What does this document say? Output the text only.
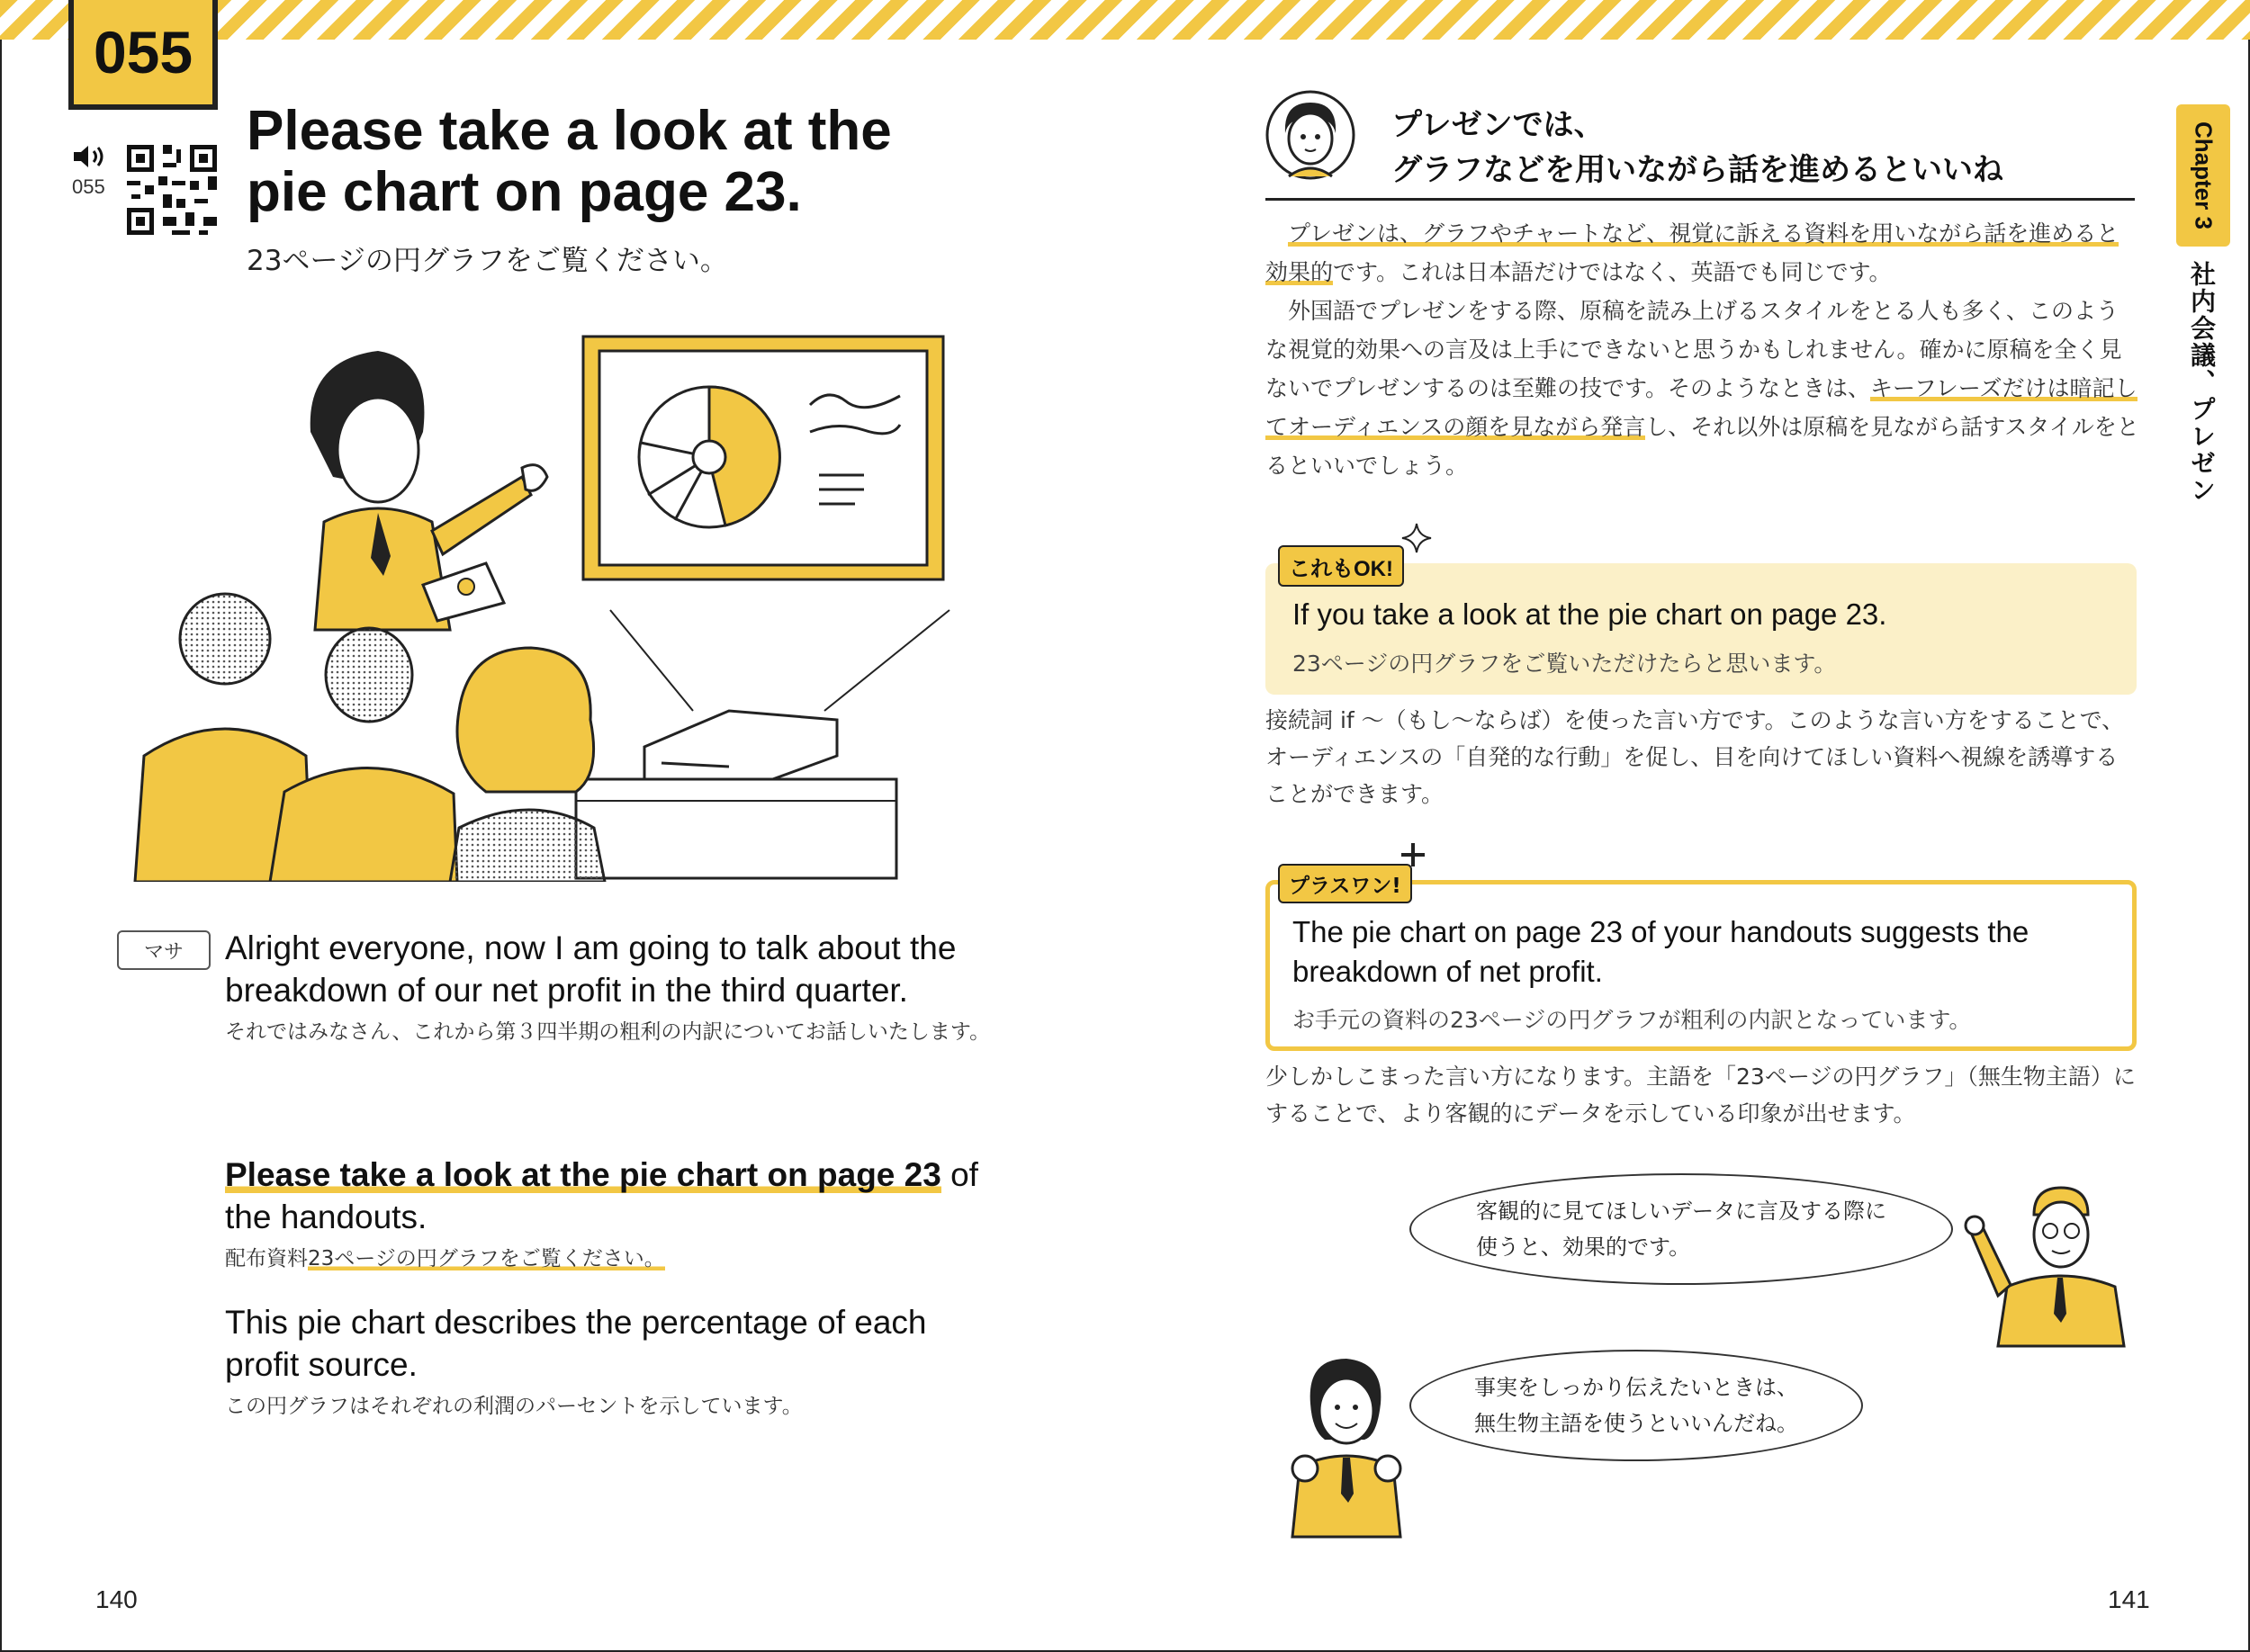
055
055
Please take a look at the pie chart on page 23.
23ページの円グラフをご覧ください。
マサ	Alright everyone, now I am going to talk about the breakdown of our net profit in the third quarter.

それではみなさん、これから第３四半期の粗利の内訳についてお話しいたします。

Please take a look at the pie chart on page 23 of the handouts.

配布資料23ページの円グラフをご覧ください。

This pie chart describes the percentage of each profit source.

この円グラフはそれぞれの利潤のパーセントを示しています。

140

プレゼンでは、
グラフなどを用いながら話を進めるといいね

プレゼンは、グラフやチャートなど、視覚に訴える資料を用いながら話を進めると効果的です。これは日本語だけではなく、英語でも同じです。
外国語でプレゼンをする際、原稿を読み上げるスタイルをとる人も多く、このような視覚的効果への言及は上手にできないと思うかもしれません。確かに原稿を全く見ないでプレゼンするのは至難の技です。そのようなときは、キーフレーズだけは暗記してオーディエンスの顔を見ながら発言し、それ以外は原稿を見ながら話すスタイルをとるといいでしょう。

Chapter 3
社内会議、プレゼン
これもOK!
If you take a look at the pie chart on page 23.
23ページの円グラフをご覧いただけたらと思います。

接続詞 if 〜（もし〜ならば）を使った言い方です。このような言い方をすることで、オーディエンスの「自発的な行動」を促し、目を向けてほしい資料へ視線を誘導することができます。

プラスワン!

The pie chart on page 23 of your handouts suggests the breakdown of net profit.

お手元の資料の23ページの円グラフが粗利の内訳となっています。

少しかしこまった言い方になります。主語を「23ページの円グラフ」（無生物主語）にすることで、より客観的にデータを示している印象が出せます。

客観的に見てほしいデータに言及する際に
使うと、効果的です。

事実をしっかり伝えたいときは、
無生物主語を使うといいんだね。

141
